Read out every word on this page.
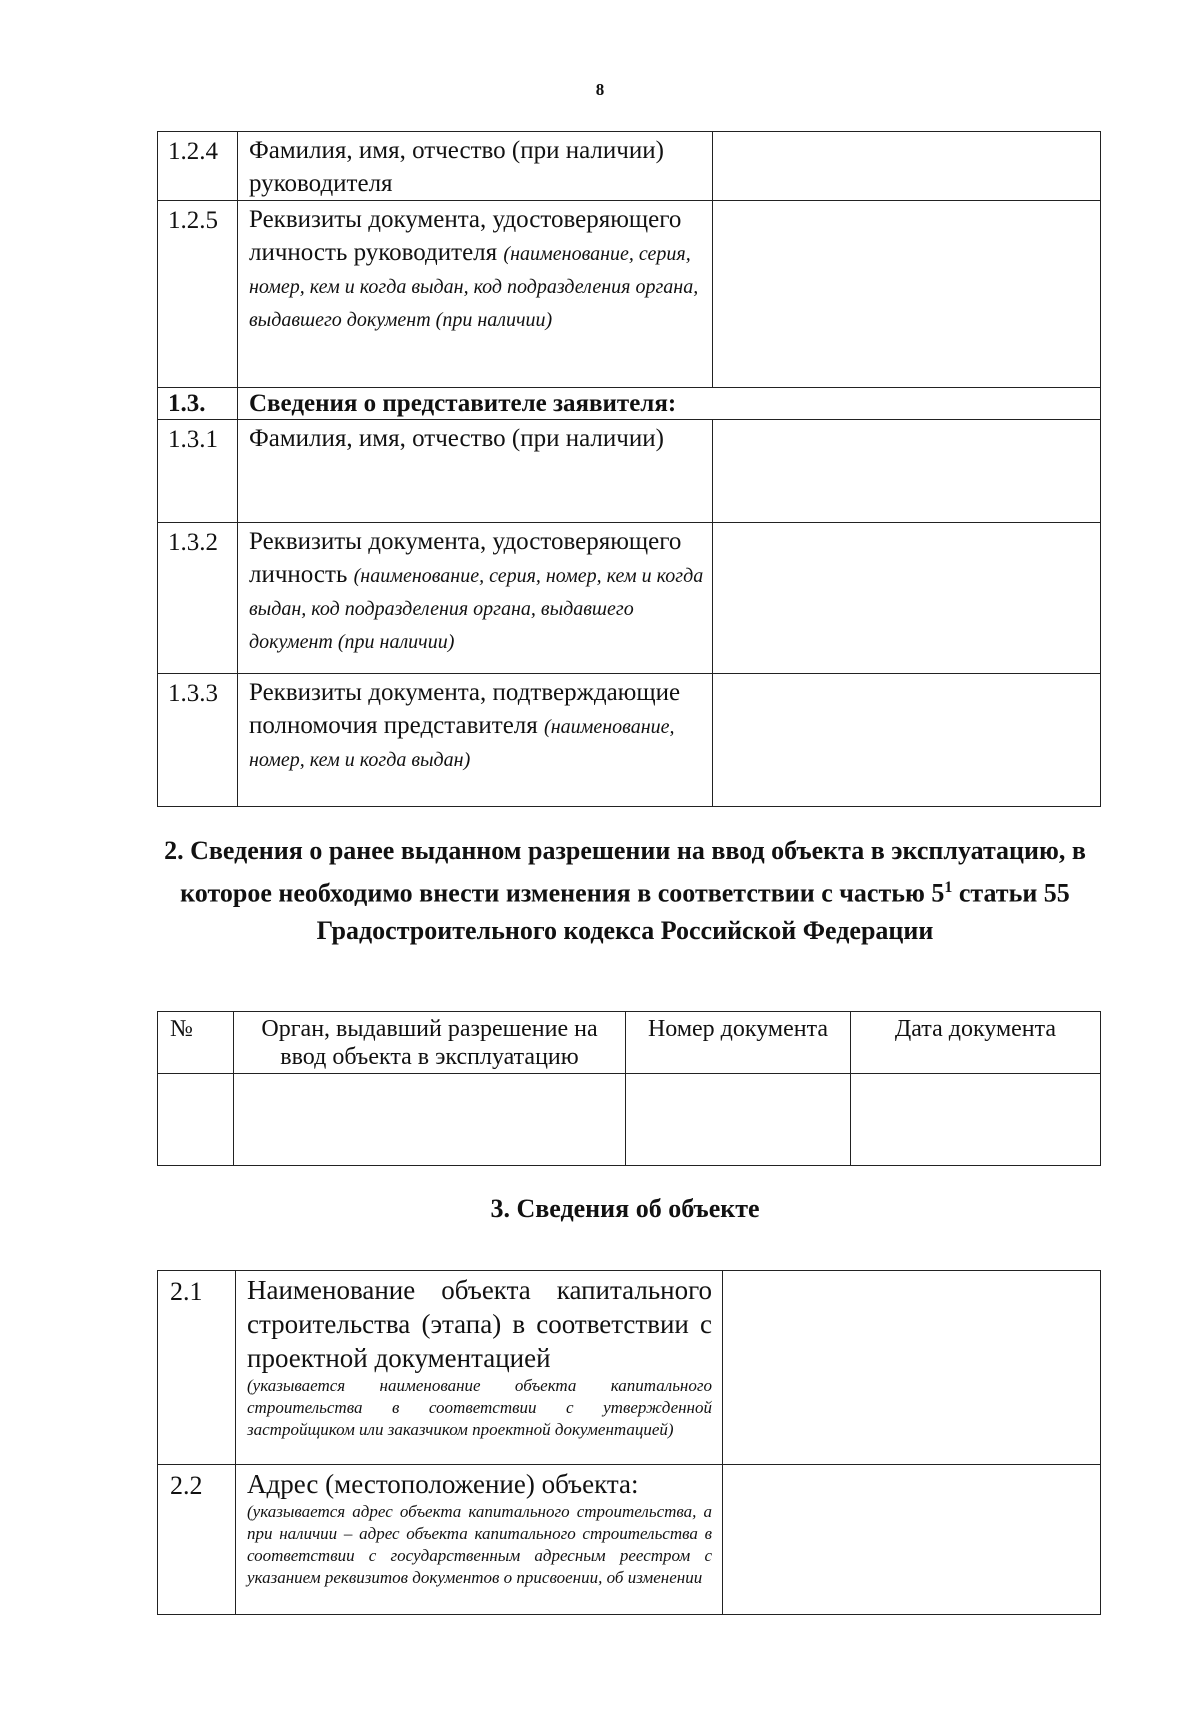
8
1.2.4	Фамилия, имя, отчество (при наличии) руководителя	
1.2.5	Реквизиты документа, удостоверяющего личность руководителя (наименование, серия, номер, кем и когда выдан, код подразделения органа, выдавшего документ (при наличии)	
1.3.	Сведения о представителе заявителя:	
1.3.1	Фамилия, имя, отчество (при наличии)	
1.3.2	Реквизиты документа, удостоверяющего личность (наименование, серия, номер, кем и когда выдан, код подразделения органа, выдавшего документ (при наличии)	
1.3.3	Реквизиты документа, подтверждающие полномочия представителя (наименование, номер, кем и когда выдан)	
2. Сведения о ранее выданном разрешении на ввод объекта в эксплуатацию, в которое необходимо внести изменения в соответствии с частью $5^1$ статьи 55 Градостроительного кодекса Российской Федерации
№	Орган, выдавший разрешение на ввод объекта в эксплуатацию	Номер документа	Дата документа

3. Сведения об объекте
2.1	Наименование объекта капитального строительства (этапа) в соответствии с проектной документацией
(указывается наименование объекта капитального строительства в соответствии с утвержденной застройщиком или заказчиком проектной документацией)	

2.2	Адрес (местоположение) объекта:
(указывается адрес объекта капитального строительства, а при наличии – адрес объекта капитального строительства в соответствии с государственным адресным реестром с указанием реквизитов документов о присвоении, об изменении	
